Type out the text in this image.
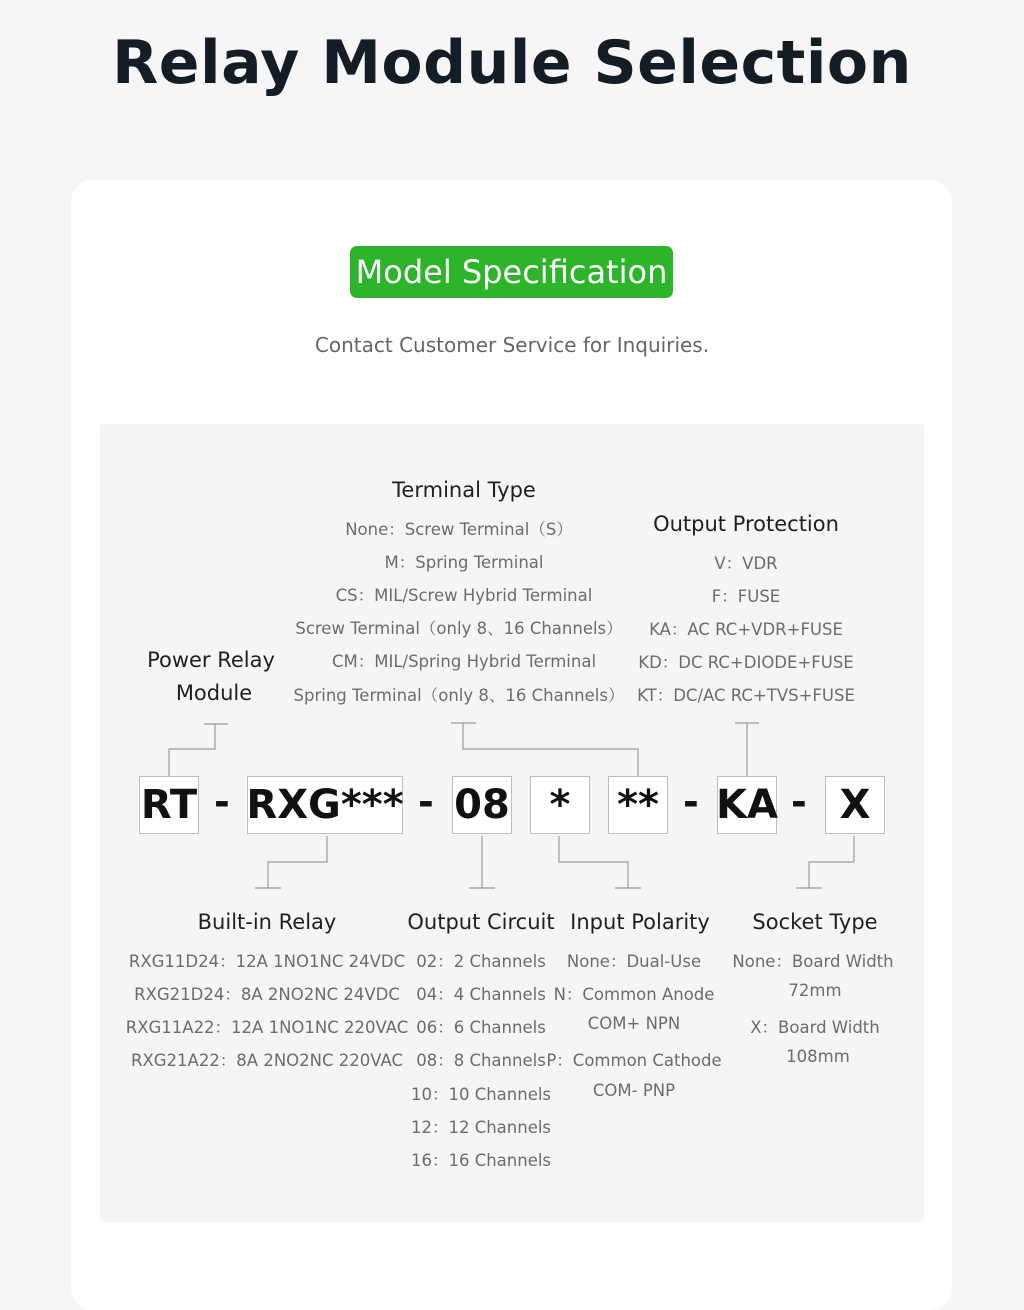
Relay Module Selection
Model Specification
Contact Customer Service for Inquiries.
Power Relay
Module
Terminal Type
None：Screw Terminal（S）
M：Spring Terminal
CS：MIL/Screw Hybrid Terminal
Screw Terminal（only 8、16 Channels）
CM：MIL/Spring Hybrid Terminal
Spring Terminal（only 8、16 Channels）
Output Protection
V：VDR
F：FUSE
KA：AC RC+VDR+FUSE
KD：DC RC+DIODE+FUSE
KT：DC/AC RC+TVS+FUSE
RT - RXG*** - 08 *	** - KA - X
Built-in Relay
RXG11D24：12A 1NO1NC 24VDC
RXG21D24：8A 2NO2NC 24VDC
RXG11A22：12A 1NO1NC 220VAC
RXG21A22：8A 2NO2NC 220VAC
Output Circuit
02：2 Channels
04：4 Channels
06：6 Channels
08：8 Channels
10：10 Channels
12：12 Channels
16：16 Channels
Input Polarity
None：Dual-Use
N：Common Anode
COM+ NPN
P：Common Cathode
COM- PNP
Socket Type
None：Board Width
72mm
X：Board Width
108mm
